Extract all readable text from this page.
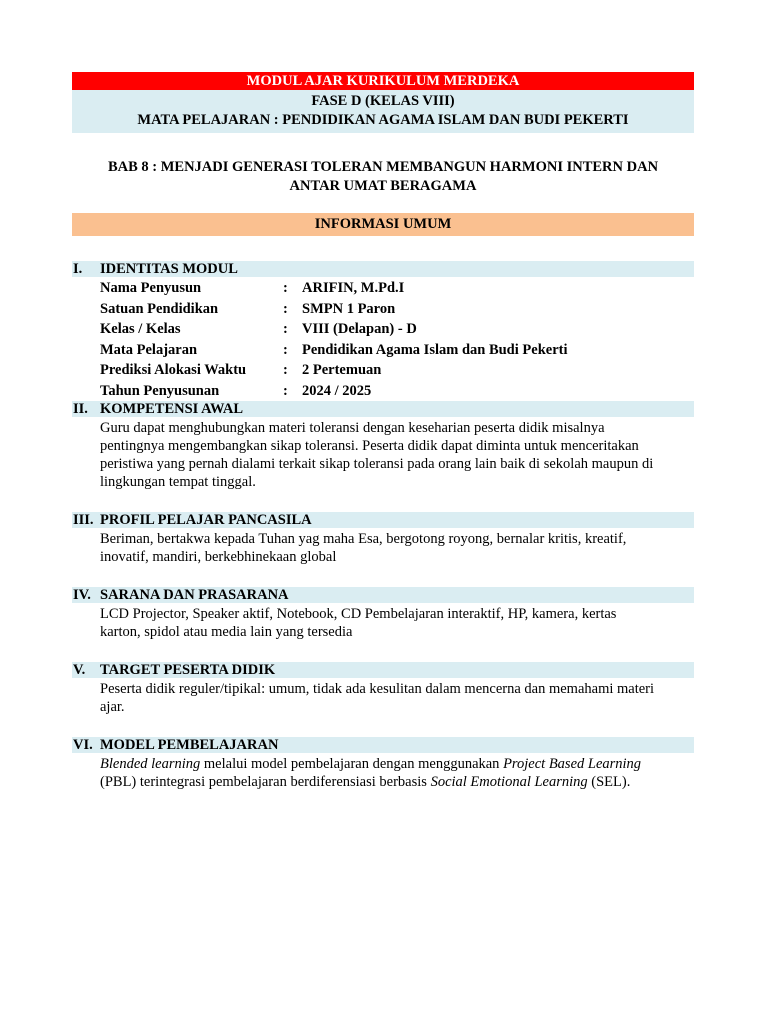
MODUL AJAR KURIKULUM MERDEKA
FASE D (KELAS VIII)
MATA PELAJARAN : PENDIDIKAN AGAMA ISLAM DAN BUDI PEKERTI
BAB 8 : MENJADI GENERASI TOLERAN MEMBANGUN HARMONI INTERN DAN ANTAR UMAT BERAGAMA
INFORMASI UMUM
I. IDENTITAS MODUL
Nama Penyusun	: ARIFIN, M.Pd.I
Satuan Pendidikan	: SMPN 1 Paron
Kelas / Kelas	: VIII (Delapan) - D
Mata Pelajaran	: Pendidikan Agama Islam dan Budi Pekerti
Prediksi Alokasi Waktu	: 2 Pertemuan
Tahun Penyusunan	: 2024 / 2025
II. KOMPETENSI AWAL
Guru dapat menghubungkan materi toleransi dengan keseharian peserta didik misalnya
pentingnya mengembangkan sikap toleransi. Peserta didik dapat diminta untuk menceritakan
peristiwa yang pernah dialami terkait sikap toleransi pada orang lain baik di sekolah maupun di
lingkungan tempat tinggal.
III. PROFIL PELAJAR PANCASILA
Beriman, bertakwa kepada Tuhan yag maha Esa, bergotong royong, bernalar kritis, kreatif,
inovatif, mandiri, berkebhinekaan global
IV. SARANA DAN PRASARANA
LCD Projector, Speaker aktif, Notebook, CD Pembelajaran interaktif, HP, kamera, kertas
karton, spidol atau media lain yang tersedia
V. TARGET PESERTA DIDIK
Peserta didik reguler/tipikal: umum, tidak ada kesulitan dalam mencerna dan memahami materi
ajar.
VI. MODEL PEMBELAJARAN
Blended learning melalui model pembelajaran dengan menggunakan Project Based Learning
(PBL) terintegrasi pembelajaran berdiferensiasi berbasis Social Emotional Learning (SEL).
